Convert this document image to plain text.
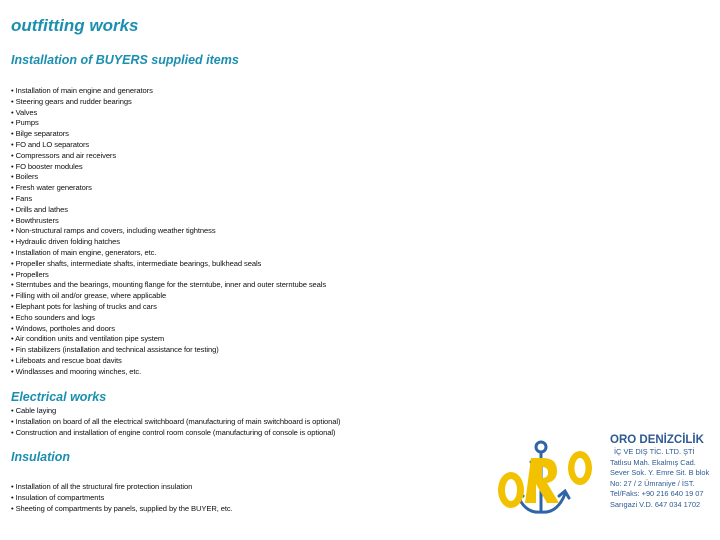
outfitting works
Installation of BUYERS supplied items
• Installation of main engine and generators
• Steering gears and rudder bearings
• Valves
• Pumps
• Bilge separators
• FO and LO separators
• Compressors and air receivers
• FO booster modules
• Boilers
• Fresh water generators
• Fans
• Drills and lathes
• Bowthrusters
• Non-structural ramps and covers, including weather tightness
• Hydraulic driven folding hatches
• Installation of main engine, generators, etc.
• Propeller shafts, intermediate shafts, intermediate bearings, bulkhead seals
• Propellers
• Sterntubes and the bearings, mounting flange for the sterntube, inner and outer sterntube seals
• Filling with oil and/or grease, where applicable
• Elephant pots for lashing of trucks and cars
• Echo sounders and logs
• Windows, portholes and doors
• Air condition units and ventilation pipe system
• Fin stabilizers (installation and technical assistance for testing)
• Lifeboats and rescue boat davits
• Windlasses and mooring winches, etc.
Electrical works
• Cable laying
• Installation on board of all the electrical switchboard (manufacturing of main switchboard is optional)
• Construction and installation of engine control room console (manufacturing of console is optional)
Insulation
• Installation of all the structural fire protection insulation
• Insulation of compartments
• Sheeting of compartments by panels, supplied by the BUYER, etc.
ORO DENİZCİLİK
İÇ VE DIŞ TİC. LTD. ŞTİ
Tatlısu Mah. Ekalmış Cad.
Sever Sok. Y. Emre Sit. B blok
No: 27 / 2 Ümraniye / İST.
Tel/Faks: +90 216 640 19 07
Sarıgazi V.D. 647 034 1702
